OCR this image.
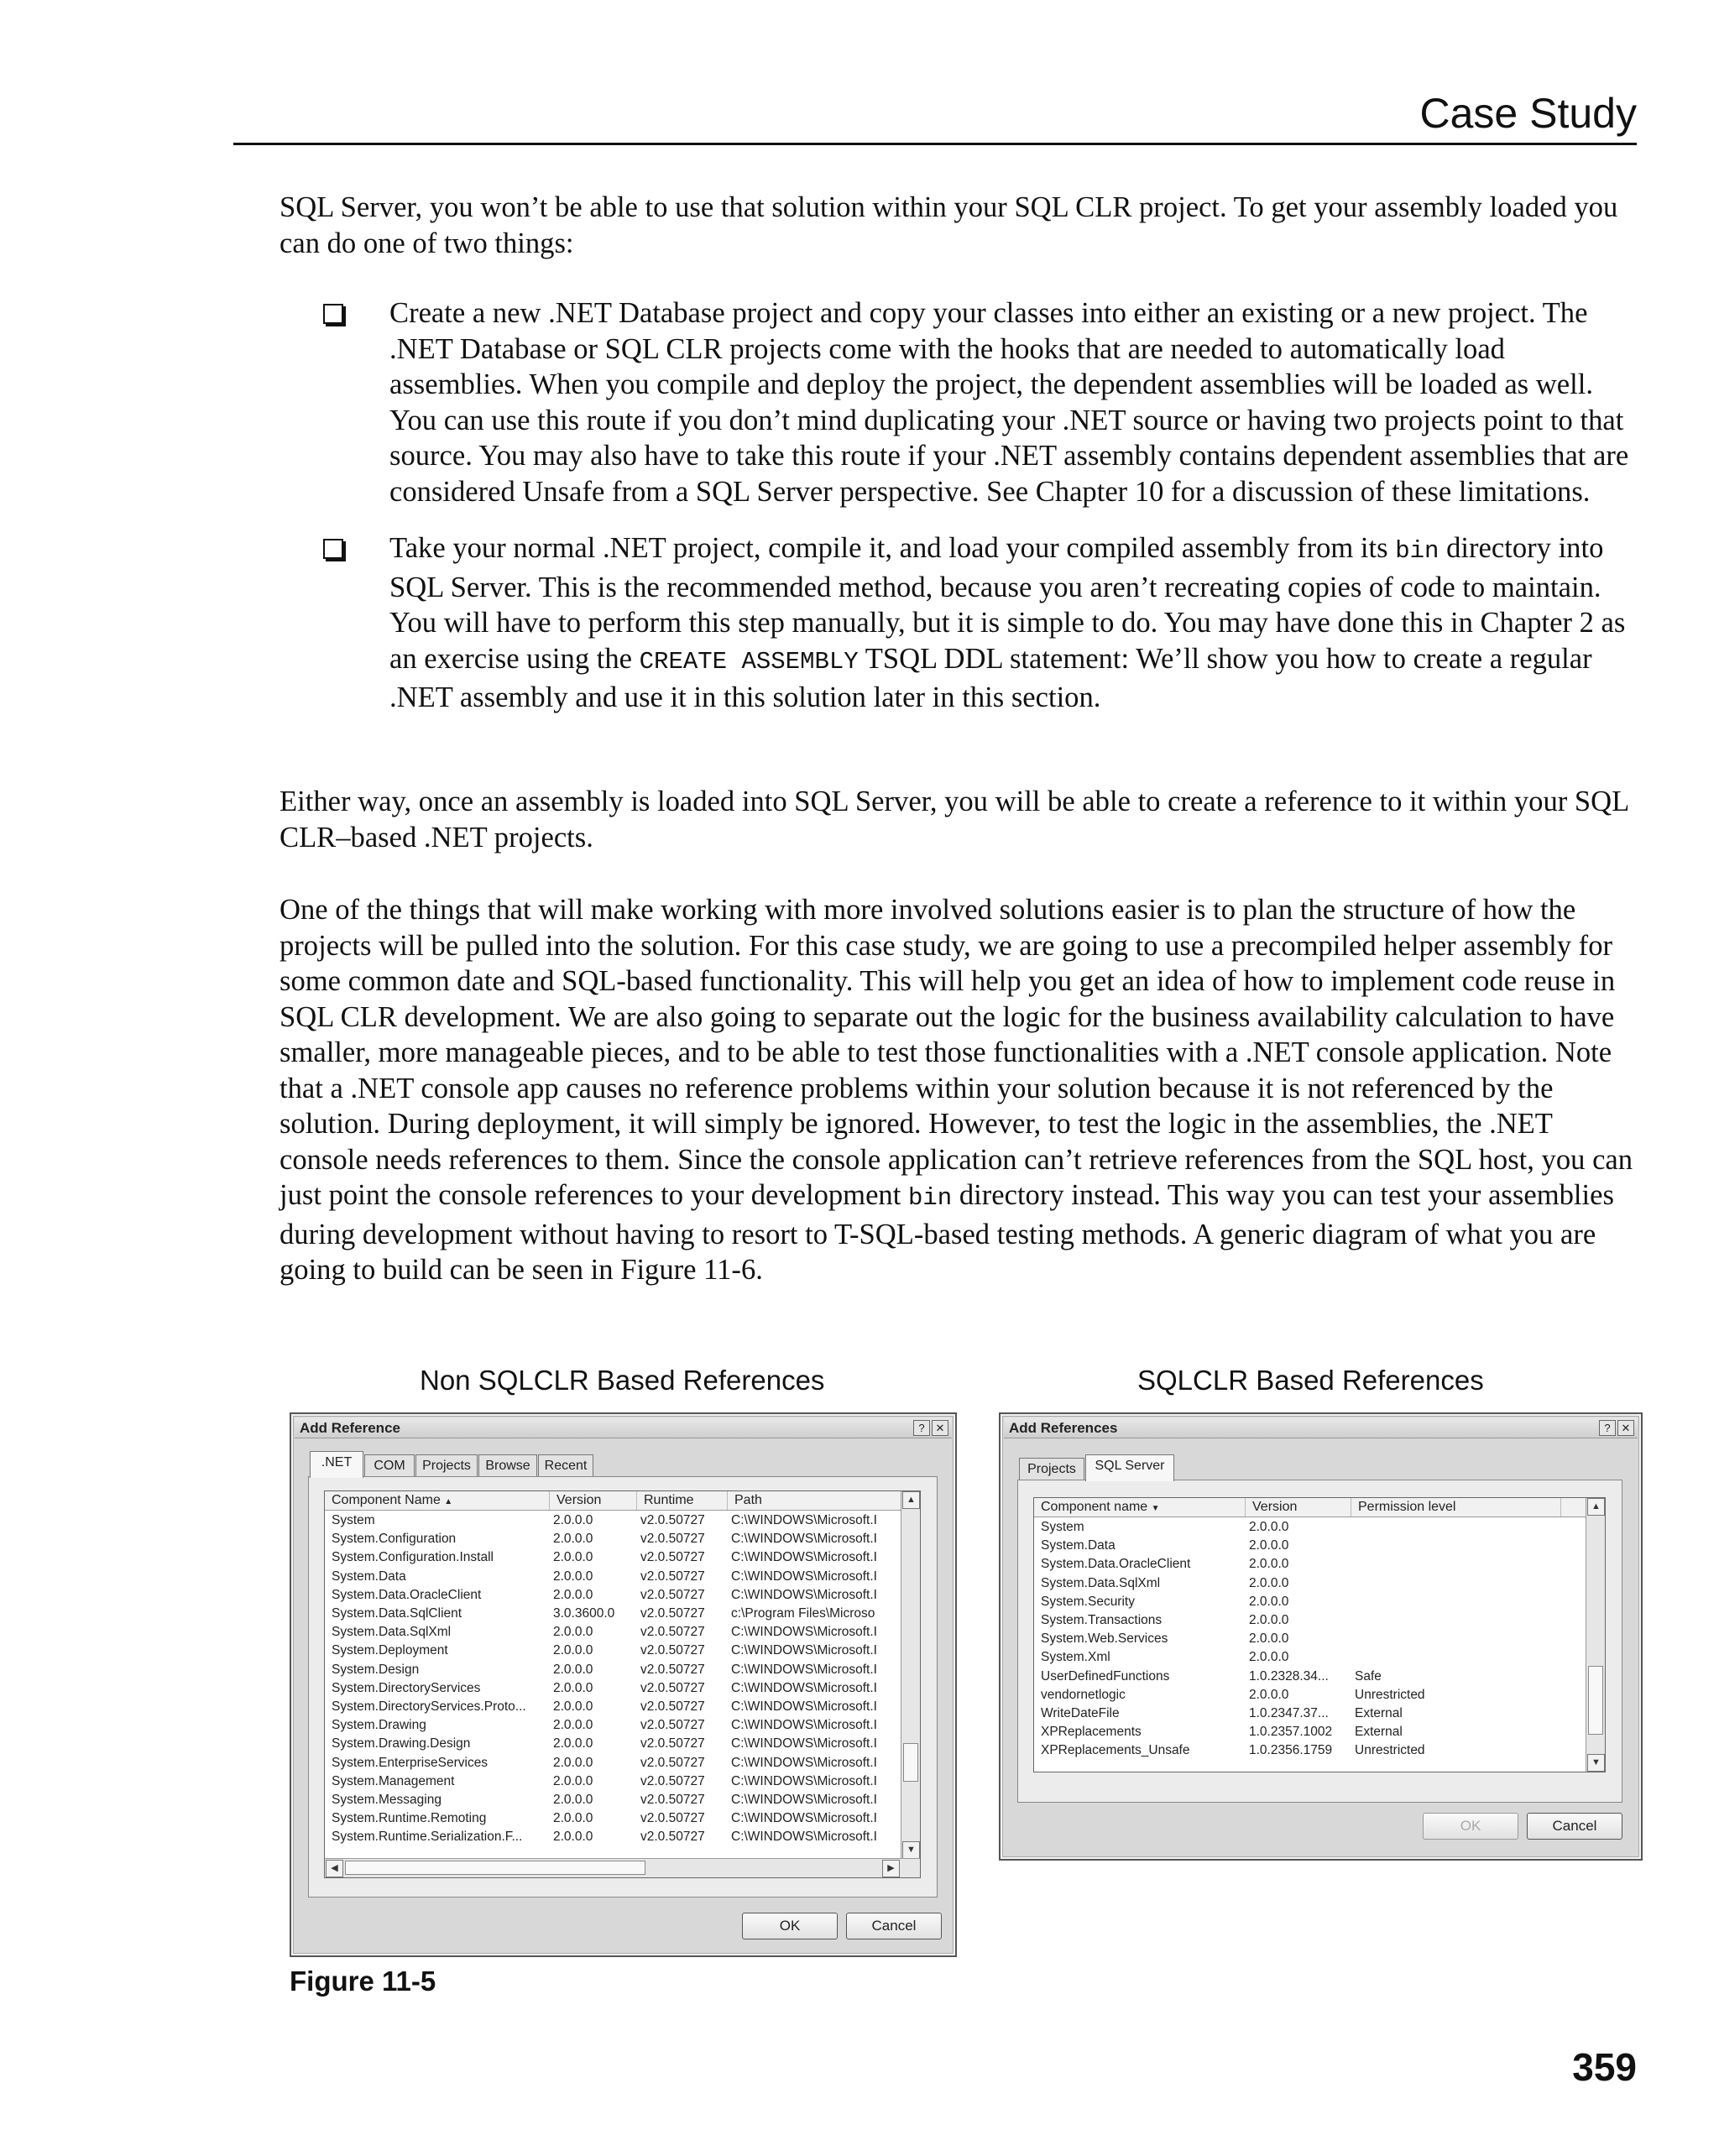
Case Study

SQL Server, you won’t be able to use that solution within your SQL CLR project. To get your assembly loaded you can do one of two things:

Create a new .NET Database project and copy your classes into either an existing or a new project. The .NET Database or SQL CLR projects come with the hooks that are needed to automatically load assemblies. When you compile and deploy the project, the dependent assemblies will be loaded as well. You can use this route if you don’t mind duplicating your .NET source or having two projects point to that source. You may also have to take this route if your .NET assembly contains dependent assemblies that are considered Unsafe from a SQL Server perspective. See Chapter 10 for a discussion of these limitations.
Take your normal .NET project, compile it, and load your compiled assembly from its bin directory into SQL Server. This is the recommended method, because you aren’t recreating copies of code to maintain. You will have to perform this step manually, but it is simple to do. You may have done this in Chapter 2 as an exercise using the CREATE ASSEMBLY TSQL DDL statement: We’ll show you how to create a regular .NET assembly and use it in this solution later in this section.

Either way, once an assembly is loaded into SQL Server, you will be able to create a reference to it within your SQL CLR–based .NET projects.

One of the things that will make working with more involved solutions easier is to plan the structure of how the projects will be pulled into the solution. For this case study, we are going to use a precompiled helper assembly for some common date and SQL-based functionality. This will help you get an idea of how to implement code reuse in SQL CLR development. We are also going to separate out the logic for the business availability calculation to have smaller, more manageable pieces, and to be able to test those functionalities with a .NET console application. Note that a .NET console app causes no reference problems within your solution because it is not referenced by the solution. During deployment, it will simply be ignored. However, to test the logic in the assemblies, the .NET console needs references to them. Since the console application can’t retrieve references from the SQL host, you can just point the console references to your development bin directory instead. This way you can test your assemblies during development without having to resort to T-SQL-based testing methods. A generic diagram of what you are going to build can be seen in Figure 11-6.

Non SQLCLR Based References	SQLCLR Based References
Add Reference	? ✕
.NET	COM	Projects	Browse	Recent
Component Name ▲	Version	Runtime	Path
System	2.0.0.0	v2.0.50727	C:\WINDOWS\Microsoft.I
System.Configuration	2.0.0.0	v2.0.50727	C:\WINDOWS\Microsoft.I
System.Configuration.Install	2.0.0.0	v2.0.50727	C:\WINDOWS\Microsoft.I
System.Data	2.0.0.0	v2.0.50727	C:\WINDOWS\Microsoft.I
System.Data.OracleClient	2.0.0.0	v2.0.50727	C:\WINDOWS\Microsoft.I
System.Data.SqlClient	3.0.3600.0	v2.0.50727	c:\Program Files\Microso
System.Data.SqlXml	2.0.0.0	v2.0.50727	C:\WINDOWS\Microsoft.I
System.Deployment	2.0.0.0	v2.0.50727	C:\WINDOWS\Microsoft.I
System.Design	2.0.0.0	v2.0.50727	C:\WINDOWS\Microsoft.I
System.DirectoryServices	2.0.0.0	v2.0.50727	C:\WINDOWS\Microsoft.I
System.DirectoryServices.Proto...	2.0.0.0	v2.0.50727	C:\WINDOWS\Microsoft.I
System.Drawing	2.0.0.0	v2.0.50727	C:\WINDOWS\Microsoft.I
System.Drawing.Design	2.0.0.0	v2.0.50727	C:\WINDOWS\Microsoft.I
System.EnterpriseServices	2.0.0.0	v2.0.50727	C:\WINDOWS\Microsoft.I
System.Management	2.0.0.0	v2.0.50727	C:\WINDOWS\Microsoft.I
System.Messaging	2.0.0.0	v2.0.50727	C:\WINDOWS\Microsoft.I
System.Runtime.Remoting	2.0.0.0	v2.0.50727	C:\WINDOWS\Microsoft.I
System.Runtime.Serialization.F...	2.0.0.0	v2.0.50727	C:\WINDOWS\Microsoft.I
▲
▼
◀	▶
OK	Cancel
Add References	? ✕
Projects	SQL Server
Component name ▼	Version	Permission level
System	2.0.0.0
System.Data	2.0.0.0
System.Data.OracleClient	2.0.0.0
System.Data.SqlXml	2.0.0.0
System.Security	2.0.0.0
System.Transactions	2.0.0.0
System.Web.Services	2.0.0.0
System.Xml	2.0.0.0
UserDefinedFunctions	1.0.2328.34...	Safe
vendornetlogic	2.0.0.0	Unrestricted
WriteDateFile	1.0.2347.37...	External
XPReplacements	1.0.2357.1002	External
XPReplacements_Unsafe	1.0.2356.1759	Unrestricted
▲
▼
OK	Cancel
Figure 11-5
359
